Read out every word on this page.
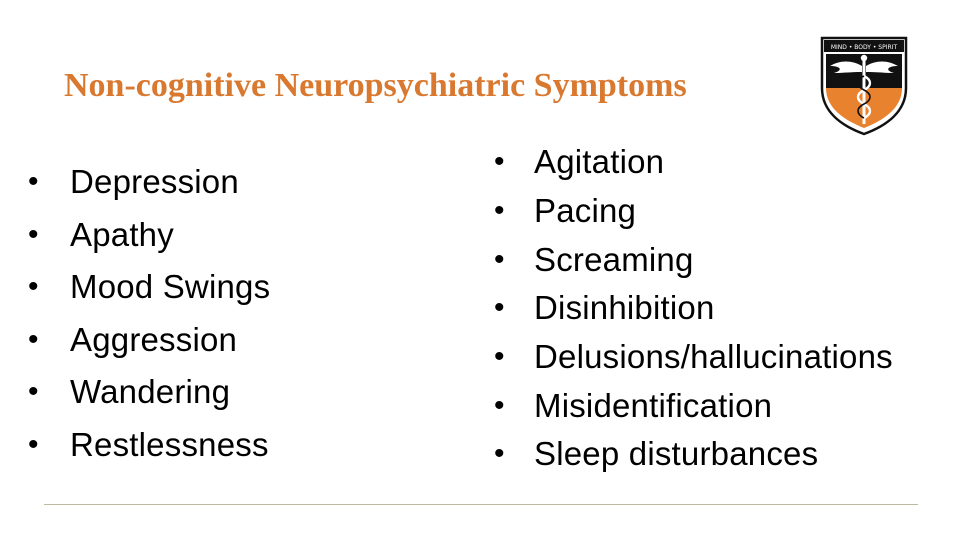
Non-cognitive Neuropsychiatric Symptoms
MIND • BODY • SPIRIT
• Depression
• Apathy
• Mood Swings
• Aggression
• Wandering
• Restlessness
• Agitation
• Pacing
• Screaming
• Disinhibition
• Delusions/hallucinations
• Misidentification
• Sleep disturbances
